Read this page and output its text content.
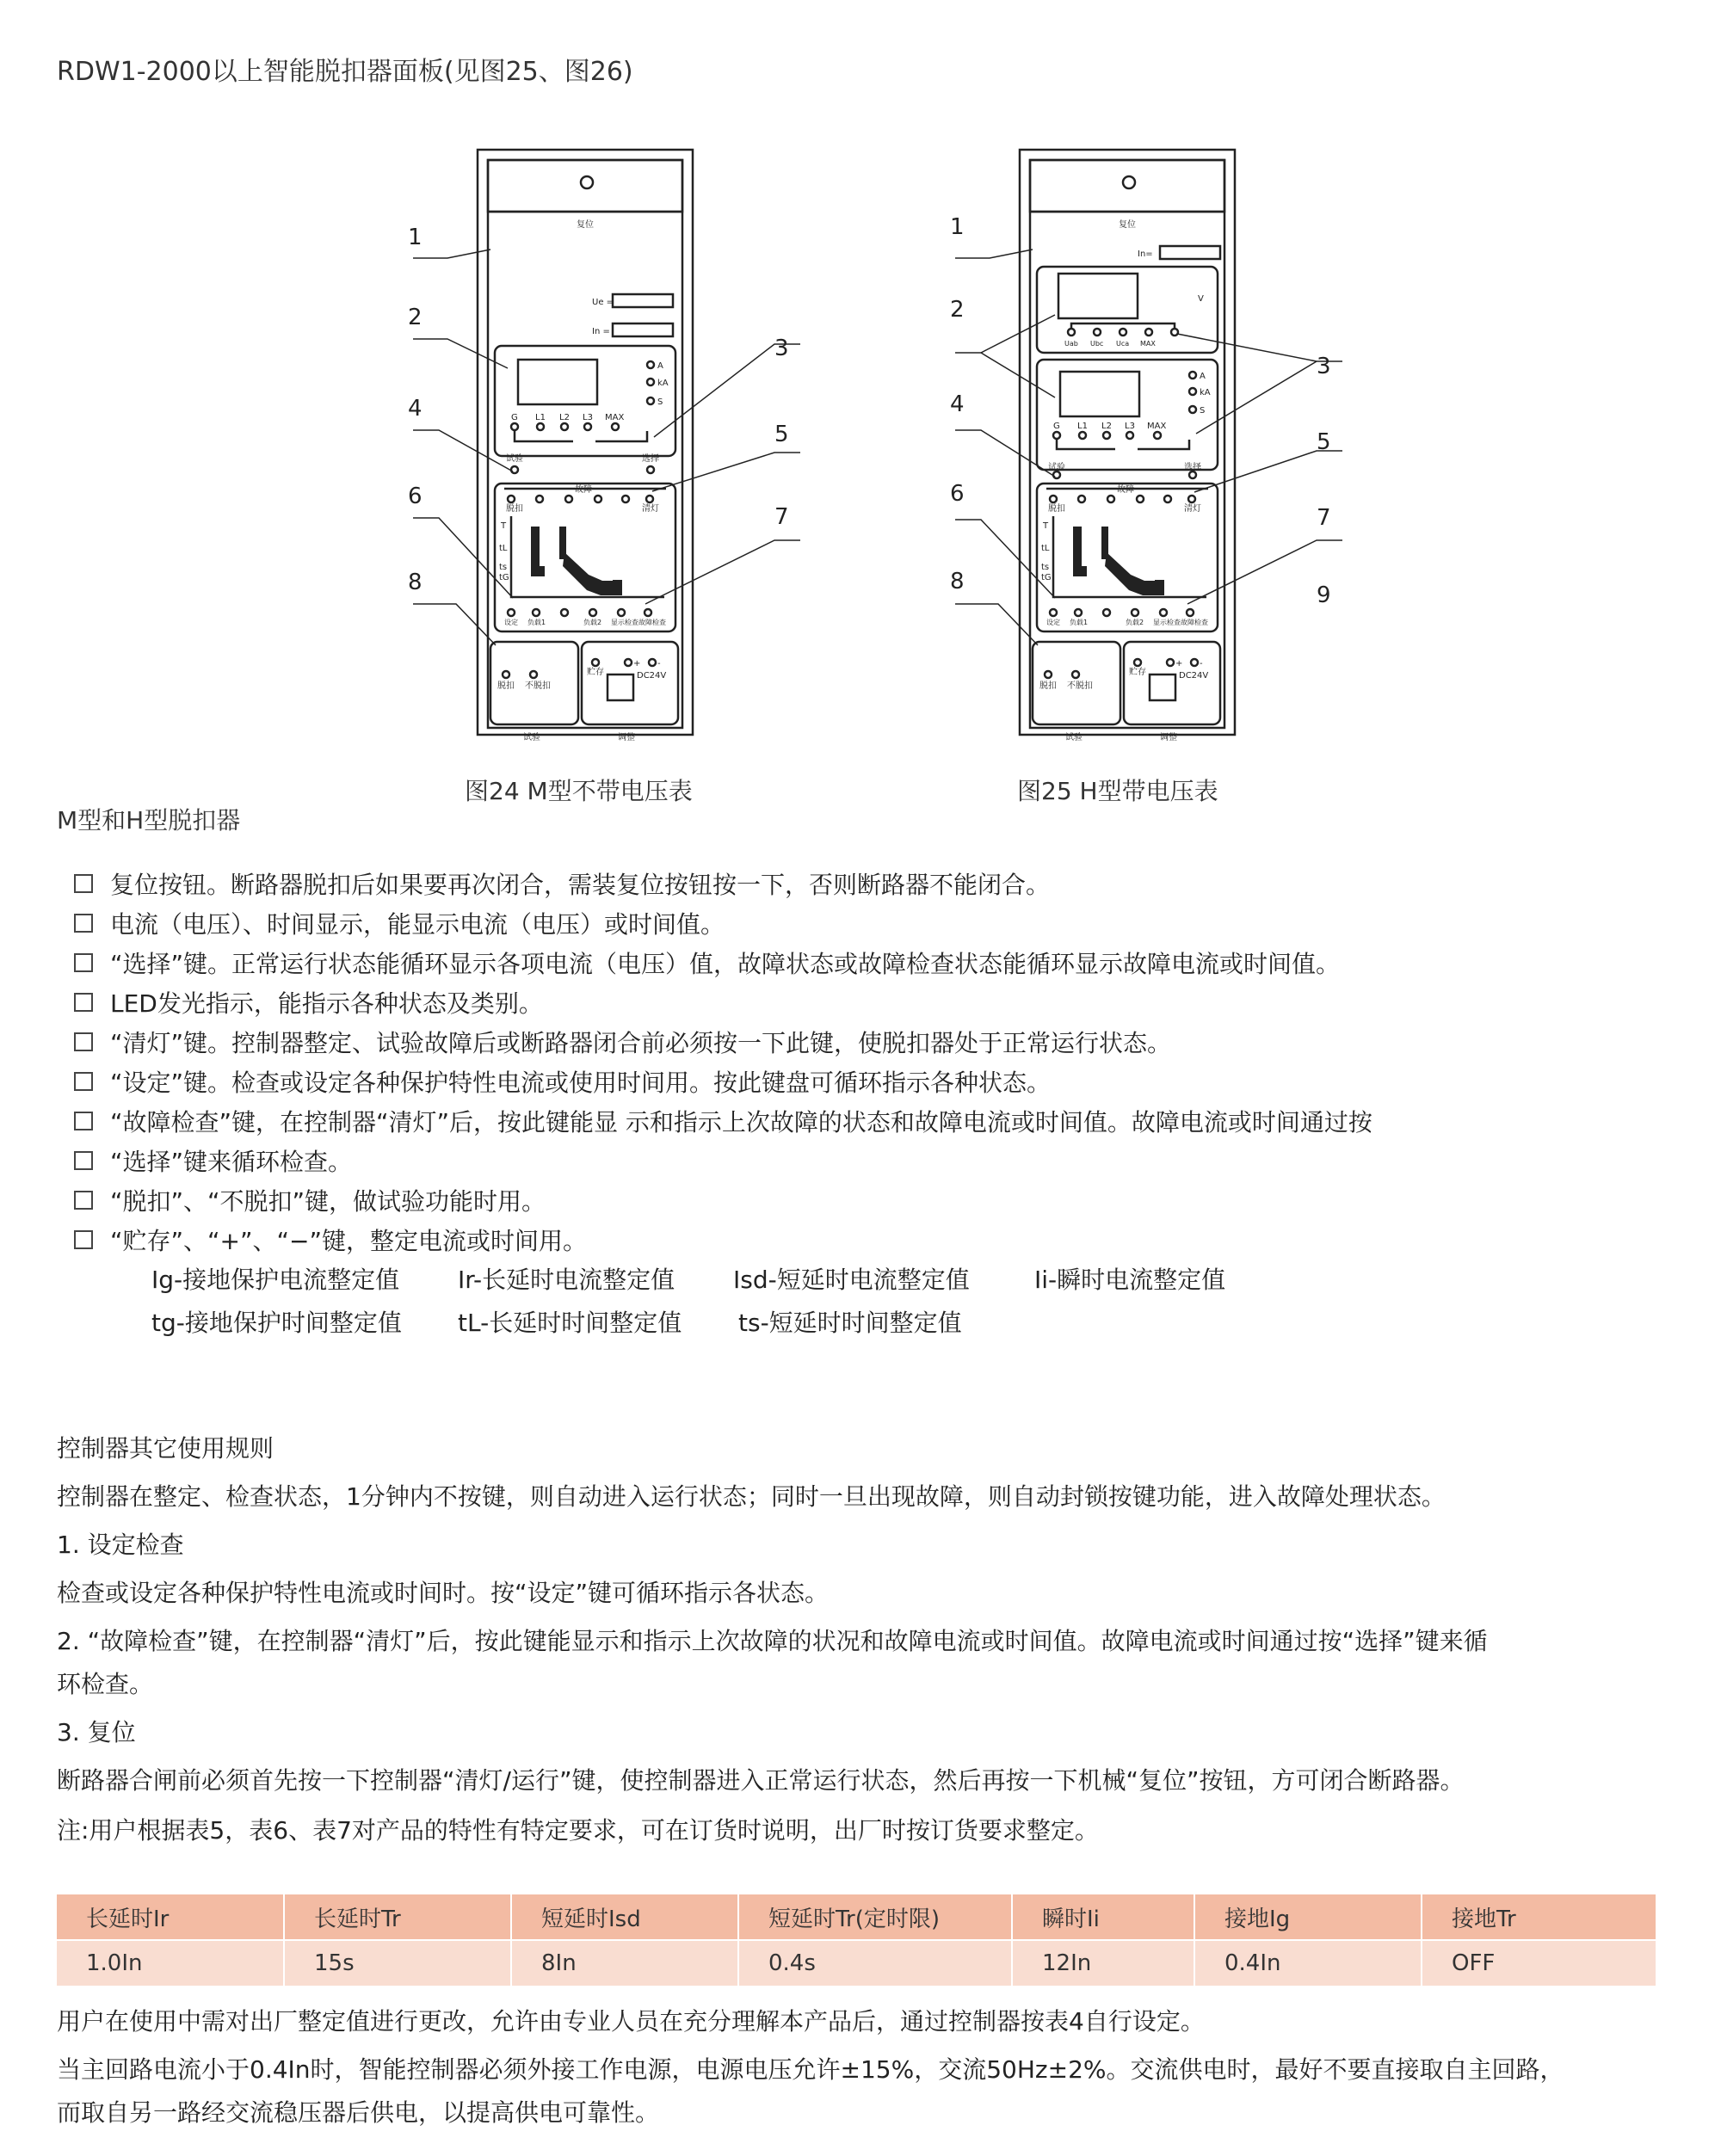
RDW1-2000以上智能脱扣器面板(见图25、图26)
1
2
3
4
5
6
7
8
复位
Ue =
In =
A
kA
S
G L1 L2 L3 MAX
试验	选择
故障
脱扣	清灯
T
tL
ts
tG
设定 负载1	负载2 显示检查 故障检查
脱扣 不脱扣
贮存
+ -
DC24V
试验	调整
1
2
3
4
5
6
7
8
9
复位
In=
V
A
kA
S
G L1 L2 L3 MAX
试验	选择
故障
脱扣	清灯
T
tL
ts
tG
Uab Ubc Uca MAX
设定 负载1	负载2 显示检查 故障检查
脱扣 不脱扣
贮存
+ -
DC24V
试验	调整
图24 M型不带电压表	图25 H型带电压表
M型和H型脱扣器
复位按钮。断路器脱扣后如果要再次闭合，需装复位按钮按一下，否则断路器不能闭合。
电流（电压）、时间显示，能显示电流（电压）或时间值。
“选择”键。正常运行状态能循环显示各项电流（电压）值，故障状态或故障检查状态能循环显示故障电流或时间值。
LED发光指示，能指示各种状态及类别。
“清灯”键。控制器整定、试验故障后或断路器闭合前必须按一下此键，使脱扣器处于正常运行状态。
“设定”键。检查或设定各种保护特性电流或使用时间用。按此键盘可循环指示各种状态。
“故障检查”键，在控制器“清灯”后，按此键能显 示和指示上次故障的状态和故障电流或时间值。故障电流或时间通过按
“选择”键来循环检查。
“脱扣”、“不脱扣”键，做试验功能时用。
“贮存”、“+”、“−”键，整定电流或时间用。
Ig-接地保护电流整定值 Ir-长延时电流整定值 Isd-短延时电流整定值	Ii-瞬时电流整定值
tg-接地保护时间整定值 tL-长延时时间整定值 ts-短延时时间整定值
控制器其它使用规则
控制器在整定、检查状态，1分钟内不按键，则自动进入运行状态；同时一旦出现故障，则自动封锁按键功能，进入故障处理状态。
1. 设定检查
检查或设定各种保护特性电流或时间时。按“设定”键可循环指示各状态。
2. “故障检查”键，在控制器“清灯”后，按此键能显示和指示上次故障的状况和故障电流或时间值。故障电流或时间通过按“选择”键来循
环检查。
3. 复位
断路器合闸前必须首先按一下控制器“清灯/运行”键，使控制器进入正常运行状态，然后再按一下机械“复位”按钮，方可闭合断路器。
注:用户根据表5，表6、表7对产品的特性有特定要求，可在订货时说明，出厂时按订货要求整定。
长延时Ir	长延时Tr	短延时Isd	短延时Tr(定时限)	瞬时Ii	接地Ig	接地Tr
1.0In	15s	8In	0.4s	12In	0.4In	OFF
用户在使用中需对出厂整定值进行更改，允许由专业人员在充分理解本产品后，通过控制器按表4自行设定。
当主回路电流小于0.4In时，智能控制器必须外接工作电源，电源电压允许±15%，交流50Hz±2%。交流供电时，最好不要直接取自主回路，
而取自另一路经交流稳压器后供电，以提高供电可靠性。
